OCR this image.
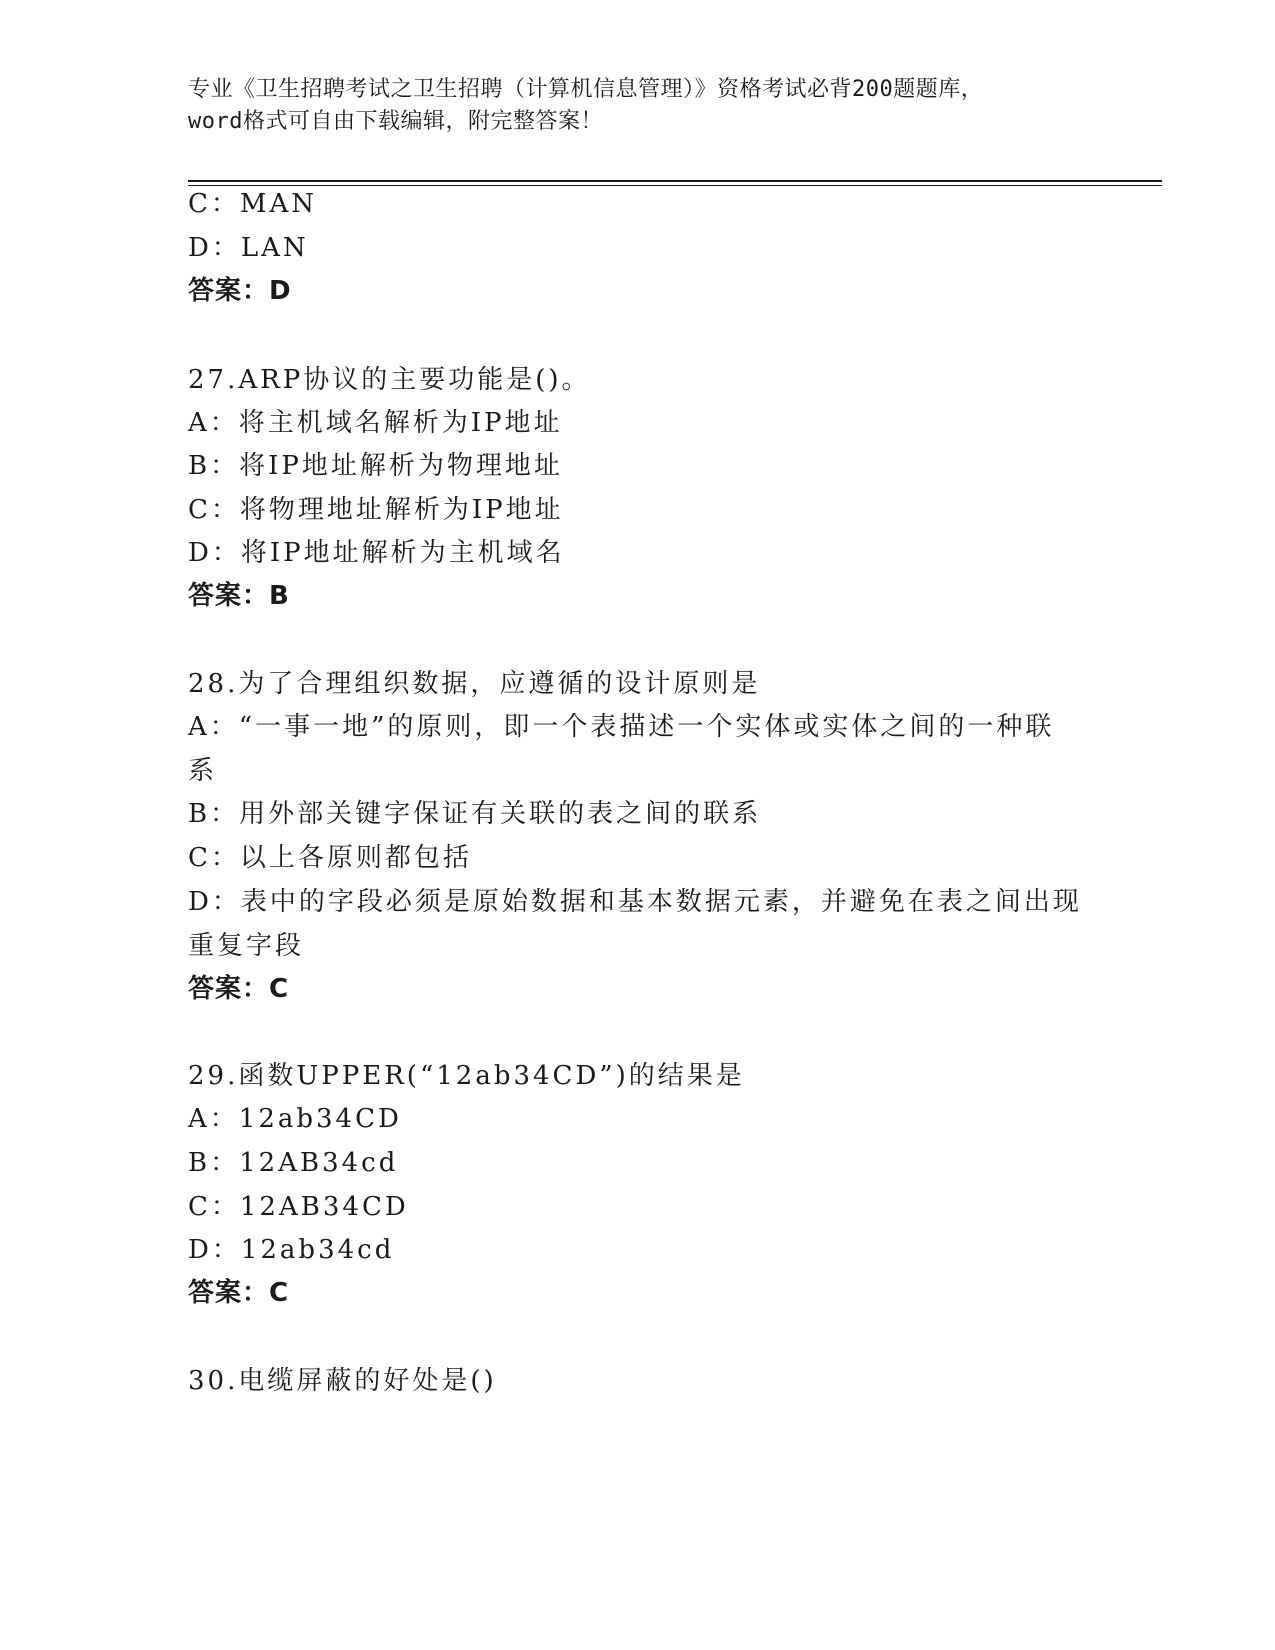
专业《卫生招聘考试之卫生招聘（计算机信息管理）》资格考试必背200题题库，
word格式可自由下载编辑，附完整答案！
C：MAN
D：LAN
答案：D
27.ARP协议的主要功能是()。
A：将主机域名解析为IP地址
B：将IP地址解析为物理地址
C：将物理地址解析为IP地址
D：将IP地址解析为主机域名
答案：B
28.为了合理组织数据，应遵循的设计原则是
A：“一事一地”的原则，即一个表描述一个实体或实体之间的一种联
系
B：用外部关键字保证有关联的表之间的联系
C：以上各原则都包括
D：表中的字段必须是原始数据和基本数据元素，并避免在表之间出现
重复字段
答案：C
29.函数UPPER(“12ab34CD”)的结果是
A：12ab34CD
B：12AB34cd
C：12AB34CD
D：12ab34cd
答案：C
30.电缆屏蔽的好处是()
